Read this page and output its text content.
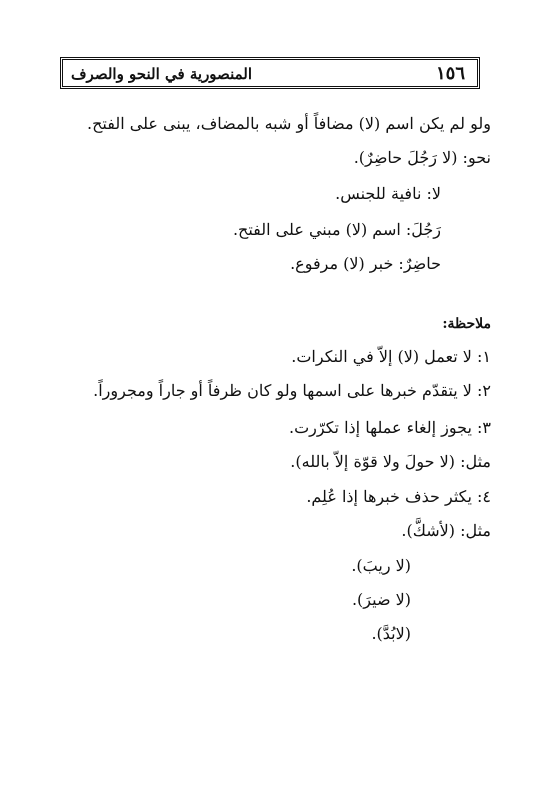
المنصورية في النحو والصرف	١٥٦
ولو لم يكن اسم (لا) مضافاً أو شبه بالمضاف، يبنى على الفتح.
نحو: (لا رَجُلَ حاضِرٌ).
لا: نافية للجنس.
رَجُلَ: اسم (لا) مبني على الفتح.
حاضِرٌ: خبر (لا) مرفوع.
ملاحظة:
١: لا تعمل (لا) إلاّ في النكرات.
٢: لا يتقدّم خبرها على اسمها ولو كان ظرفاً أو جاراً ومجروراً.
٣: يجوز إلغاء عملها إذا تكرّرت.
مثل: (لا حولَ ولا قوّة إلاّ بالله).
٤: يكثر حذف خبرها إذا عُلِم.
مثل: (لأشكَّ).
(لا ريبَ).
(لا ضيرَ).
(لابُدَّ).
